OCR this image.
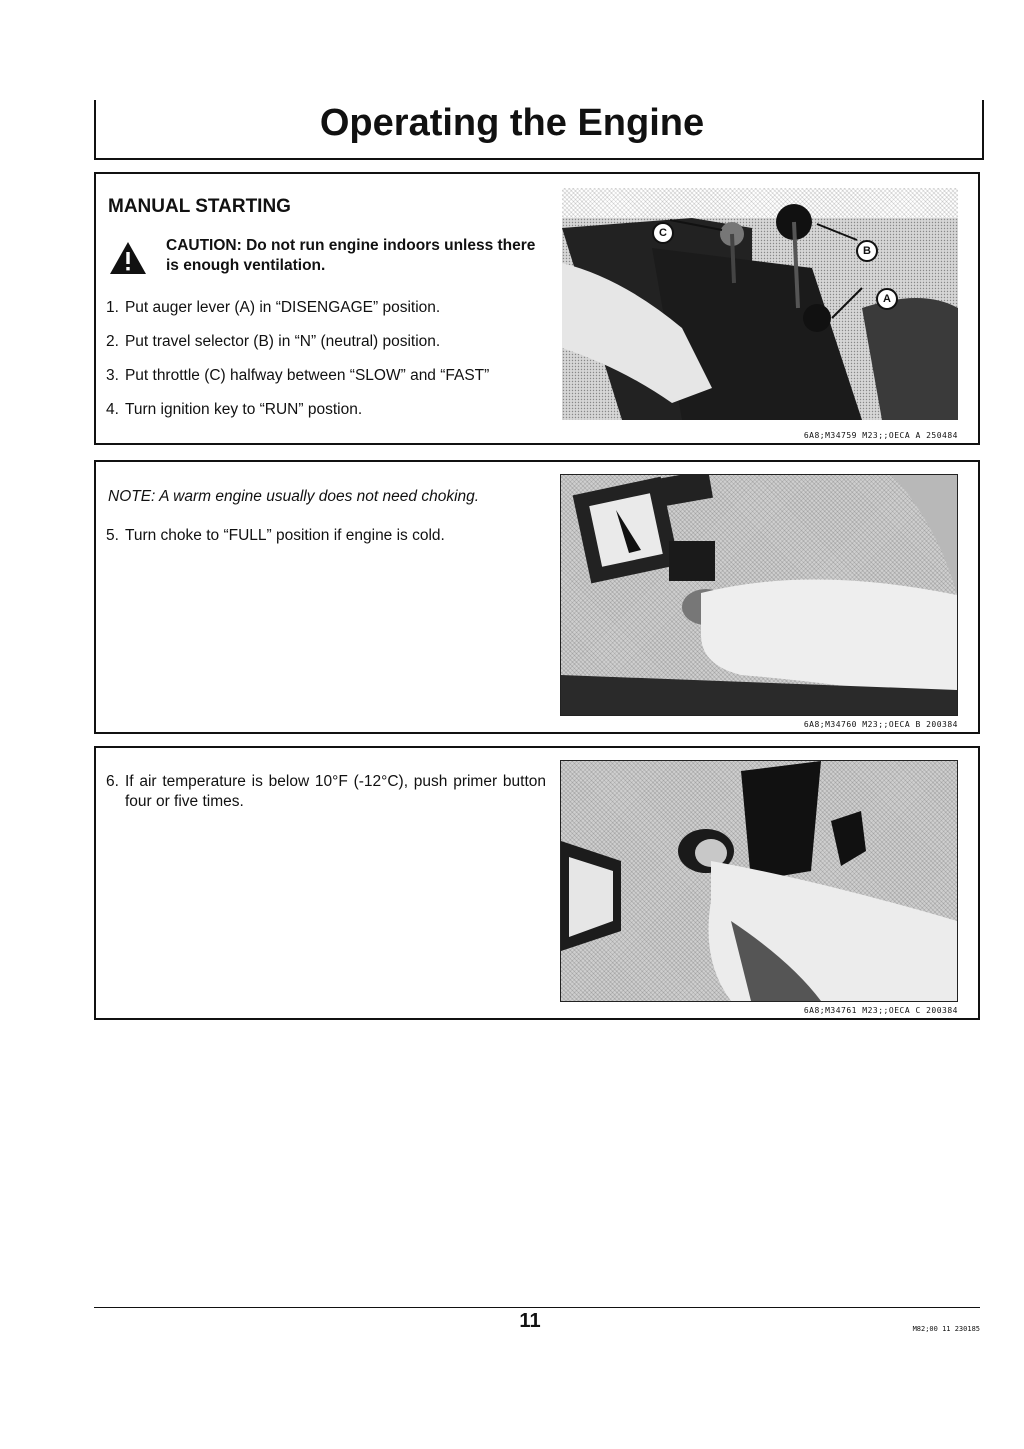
Operating the Engine
MANUAL STARTING
CAUTION: Do not run engine indoors unless there is enough ventilation.
1. Put auger lever (A) in “DISENGAGE” position.
2. Put travel selector (B) in “N” (neutral) position.
3. Put throttle (C) halfway between “SLOW” and “FAST”
4. Turn ignition key to “RUN” postion.
C
B
A

6A8;M34759 M23;;OECA A 250484

NOTE: A warm engine usually does not need choking.

5. Turn choke to “FULL” position if engine is cold.

6A8;M34760 M23;;OECA B 200384

6. If air temperature is below 10°F (-12°C), push primer button four or five times.

6A8;M34761 M23;;OECA C 200384

11	M82;00 11 230185
